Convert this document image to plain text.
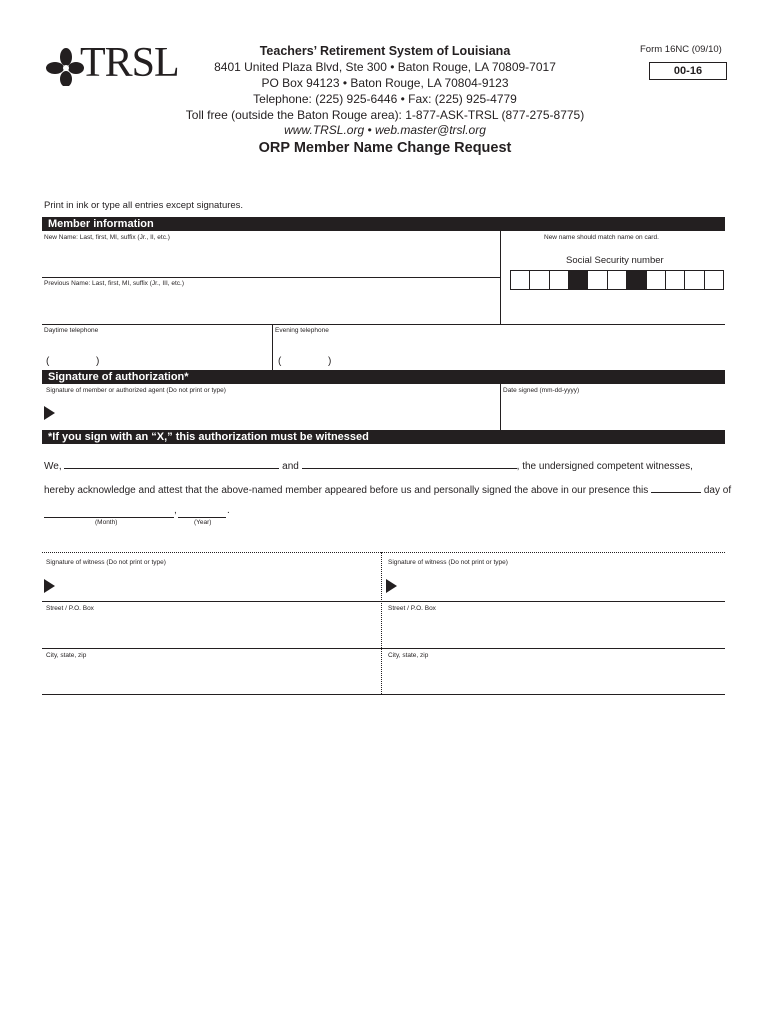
TRSL	Teachers’ Retirement System of Louisiana
8401 United Plaza Blvd, Ste 300 • Baton Rouge, LA 70809-7017
PO Box 94123 • Baton Rouge, LA 70804-9123
Telephone: (225) 925-6446 • Fax: (225) 925-4779
Toll free (outside the Baton Rouge area): 1-877-ASK-TRSL (877-275-8775)
www.TRSL.org • web.master@trsl.org
Form 16NC (09/10)
00-16
ORP Member Name Change Request
Print in ink or type all entries except signatures.
Member information
New Name: Last, first, MI, suffix (Jr., II, etc.)	New name should match name on card.
Social Security number
Previous Name: Last, first, MI, suffix (Jr., III, etc.)
Daytime telephone	Evening telephone
(	)	(	)
Signature of authorization*
Signature of member or authorized agent (Do not print or type)	Date signed (mm-dd-yyyy)
*If you sign with an “X,” this authorization must be witnessed
We,	and	, the undersigned competent witnesses,
hereby acknowledge and attest that the above-named member appeared before us and personally signed the above in our presence this	day of
,	.
(Month)	(Year)
Signature of witness (Do not print or type)	Signature of witness (Do not print or type)
Street / P.O. Box	Street / P.O. Box
City, state, zip	City, state, zip
